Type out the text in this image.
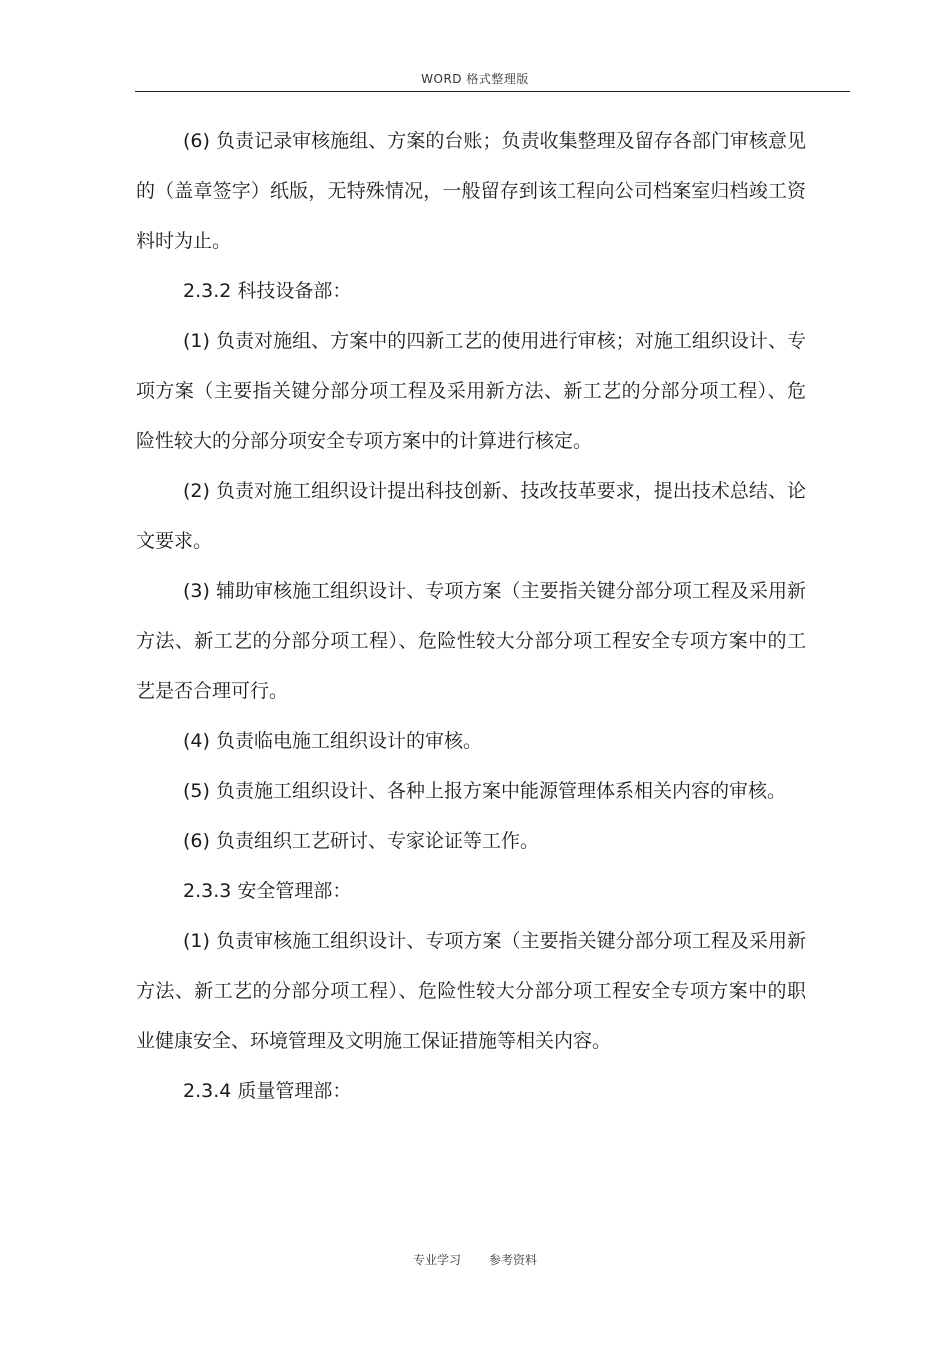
WORD 格式整理版

(6) 负责记录审核施组、方案的台账；负责收集整理及留存各部门审核意见的（盖章签字）纸版，无特殊情况，一般留存到该工程向公司档案室归档竣工资料时为止。

2.3.2 科技设备部：

(1) 负责对施组、方案中的四新工艺的使用进行审核；对施工组织设计、专项方案（主要指关键分部分项工程及采用新方法、新工艺的分部分项工程）、危险性较大的分部分项安全专项方案中的计算进行核定。

(2) 负责对施工组织设计提出科技创新、技改技革要求，提出技术总结、论文要求。

(3) 辅助审核施工组织设计、专项方案（主要指关键分部分项工程及采用新方法、新工艺的分部分项工程）、危险性较大分部分项工程安全专项方案中的工艺是否合理可行。

(4) 负责临电施工组织设计的审核。

(5) 负责施工组织设计、各种上报方案中能源管理体系相关内容的审核。

(6) 负责组织工艺研讨、专家论证等工作。

2.3.3 安全管理部：

(1) 负责审核施工组织设计、专项方案（主要指关键分部分项工程及采用新方法、新工艺的分部分项工程）、危险性较大分部分项工程安全专项方案中的职业健康安全、环境管理及文明施工保证措施等相关内容。

2.3.4 质量管理部：

专业学习 参考资料
